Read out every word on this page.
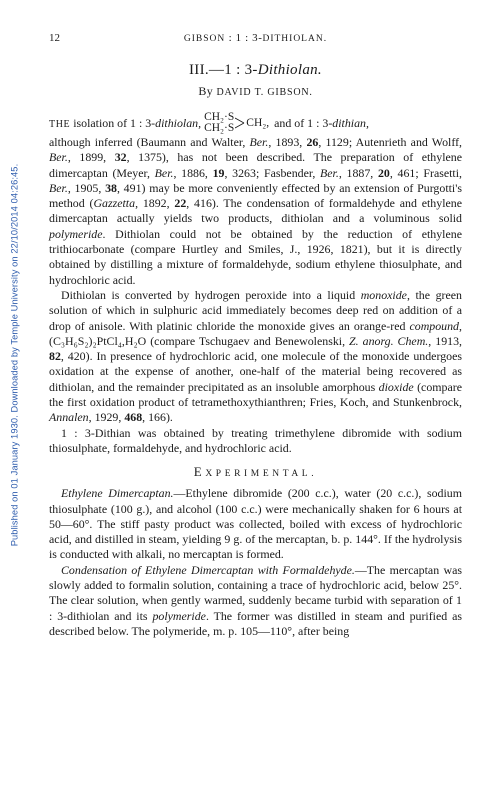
Published on 01 January 1930. Downloaded by Temple University on 22/10/2014 04:26:45.
12	GIBSON : 1 : 3-DITHIOLAN.
III.—1 : 3-Dithiolan.
By DAVID T. GIBSON.
THE isolation of 1 : 3-dithiolan, CH₂·S
CH₂·S CH₂, and of 1 : 3-dithian,

although inferred (Baumann and Walter, Ber., 1893, 26, 1129; Autenrieth and Wolff, Ber., 1899, 32, 1375), has not been described. The preparation of ethylene dimercaptan (Meyer, Ber., 1886, 19, 3263; Fasbender, Ber., 1887, 20, 461; Frasetti, Ber., 1905, 38, 491) may be more conveniently effected by an extension of Purgotti's method (Gazzetta, 1892, 22, 416). The condensation of formaldehyde and ethylene dimercaptan actually yields two products, dithiolan and a voluminous solid polymeride. Dithiolan could not be obtained by the reduction of ethylene trithiocarbonate (compare Hurtley and Smiles, J., 1926, 1821), but it is directly obtained by distilling a mixture of formaldehyde, sodium ethylene thiosulphate, and hydrochloric acid.

Dithiolan is converted by hydrogen peroxide into a liquid monoxide, the green solution of which in sulphuric acid immediately becomes deep red on addition of a drop of anisole. With platinic chloride the monoxide gives an orange-red compound, (C₃H₆S₂)₂PtCl₄,H₂O (compare Tschugaev and Benewolenski, Z. anorg. Chem., 1913, 82, 420). In presence of hydrochloric acid, one molecule of the monoxide undergoes oxidation at the expense of another, one-half of the material being recovered as dithiolan, and the remainder precipitated as an insoluble amorphous dioxide (compare the first oxidation product of tetramethoxythianthren; Fries, Koch, and Stunkenbrock, Annalen, 1929, 468, 166).

1 : 3-Dithian was obtained by treating trimethylene dibromide with sodium thiosulphate, formaldehyde, and hydrochloric acid.

EXPERIMENTAL.

Ethylene Dimercaptan.—Ethylene dibromide (200 c.c.), water (20 c.c.), sodium thiosulphate (100 g.), and alcohol (100 c.c.) were mechanically shaken for 6 hours at 50—60°. The stiff pasty product was collected, boiled with excess of hydrochloric acid, and distilled in steam, yielding 9 g. of the mercaptan, b. p. 144°. If the hydrolysis is conducted with alkali, no mercaptan is formed.

Condensation of Ethylene Dimercaptan with Formaldehyde.—The mercaptan was slowly added to formalin solution, containing a trace of hydrochloric acid, below 25°. The clear solution, when gently warmed, suddenly became turbid with separation of 1 : 3-dithiolan and its polymeride. The former was distilled in steam and purified as described below. The polymeride, m. p. 105—110°, after being
